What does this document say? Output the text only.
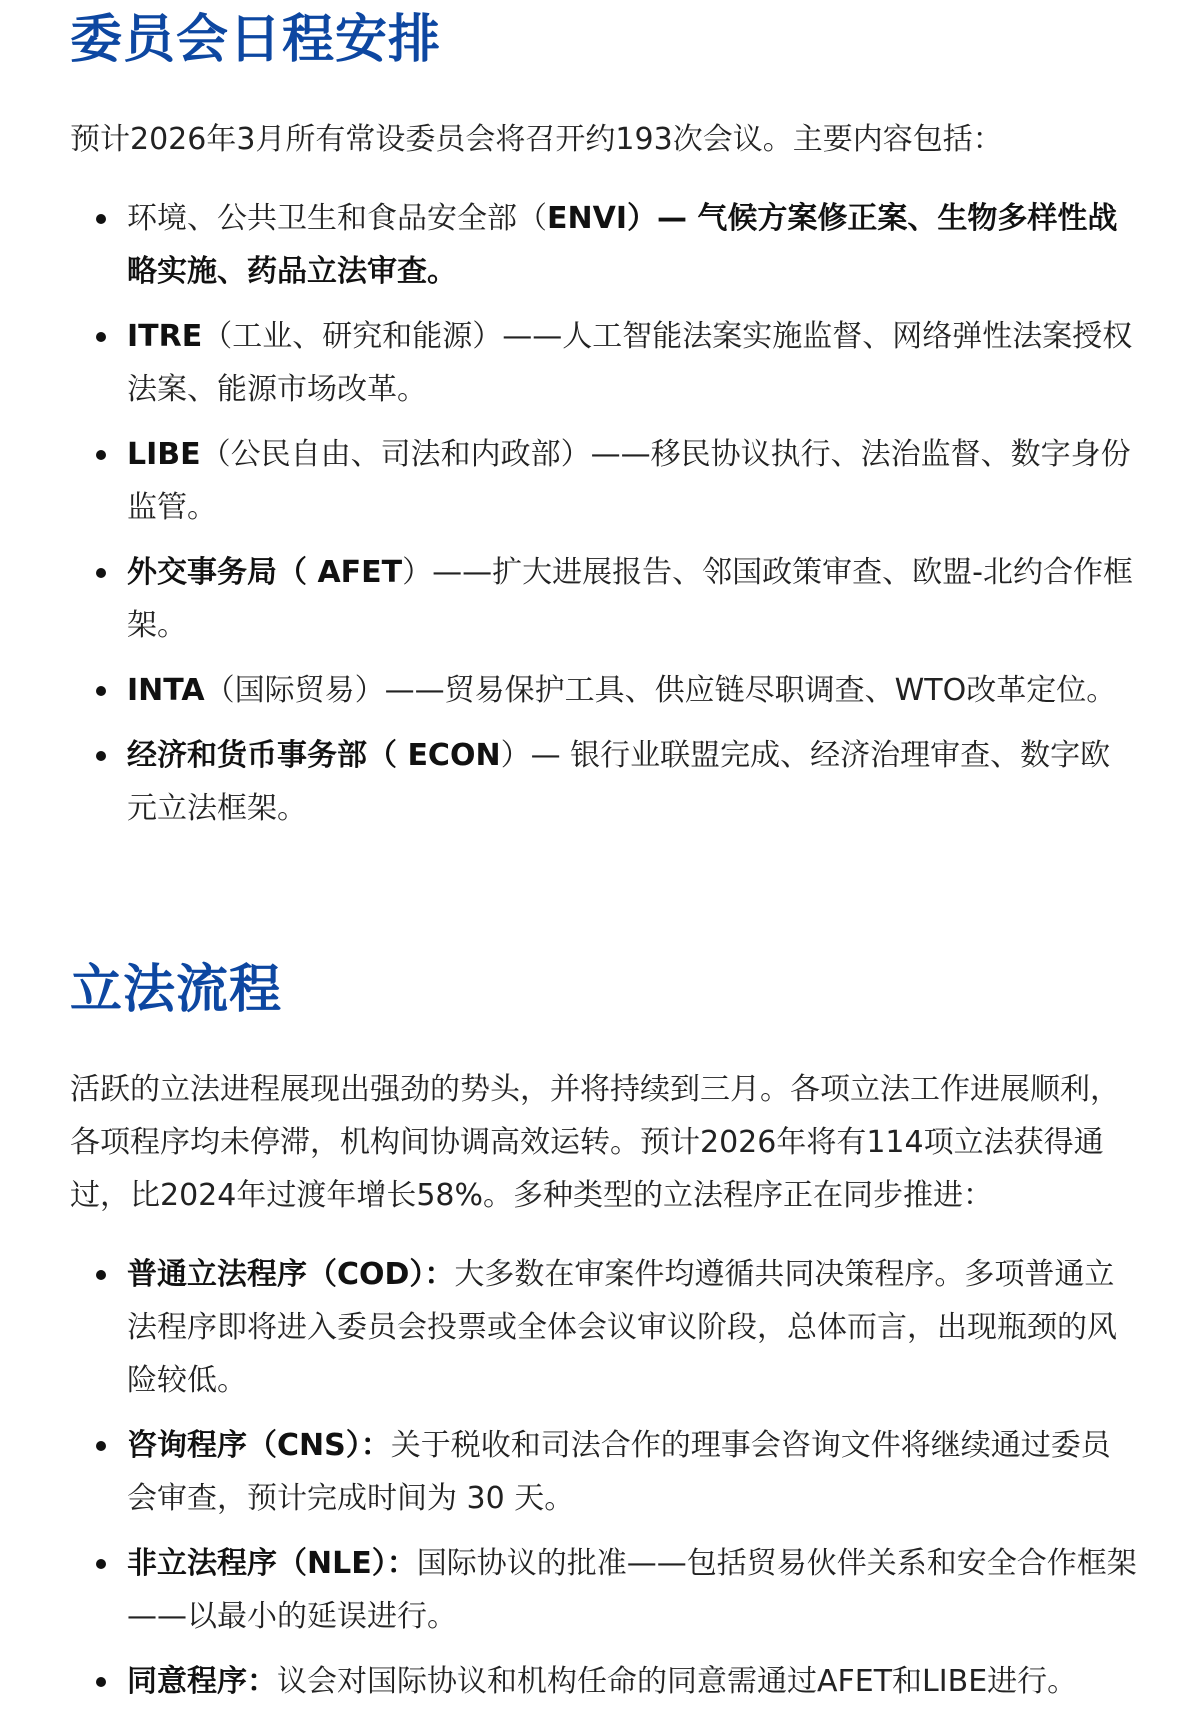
委员会日程安排

预计2026年3月所有常设委员会将召开约193次会议。主要内容包括：

环境、公共卫生和食品安全部（ENVI）— 气候方案修正案、生物多样性战略实施、药品立法审查。
ITRE（工业、研究和能源）——人工智能法案实施监督、网络弹性法案授权法案、能源市场改革。
LIBE（公民自由、司法和内政部）——移民协议执行、法治监督、数字身份监管。
外交事务局（ AFET）——扩大进展报告、邻国政策审查、欧盟-北约合作框架。
INTA（国际贸易）——贸易保护工具、供应链尽职调查、WTO改革定位。
经济和货币事务部（ ECON）— 银行业联盟完成、经济治理审查、数字欧元立法框架。
立法流程

活跃的立法进程展现出强劲的势头，并将持续到三月。各项立法工作进展顺利，各项程序均未停滞，机构间协调高效运转。预计2026年将有114项立法获得通过，比2024年过渡年增长58%。多种类型的立法程序正在同步推进：

普通立法程序（COD）：大多数在审案件均遵循共同决策程序。多项普通立法程序即将进入委员会投票或全体会议审议阶段，总体而言，出现瓶颈的风险较低。
咨询程序（CNS）：关于税收和司法合作的理事会咨询文件将继续通过委员会审查，预计完成时间为 30 天。
非立法程序（NLE）：国际协议的批准——包括贸易伙伴关系和安全合作框架——以最小的延误进行。
同意程序：议会对国际协议和机构任命的同意需通过AFET和LIBE进行。
